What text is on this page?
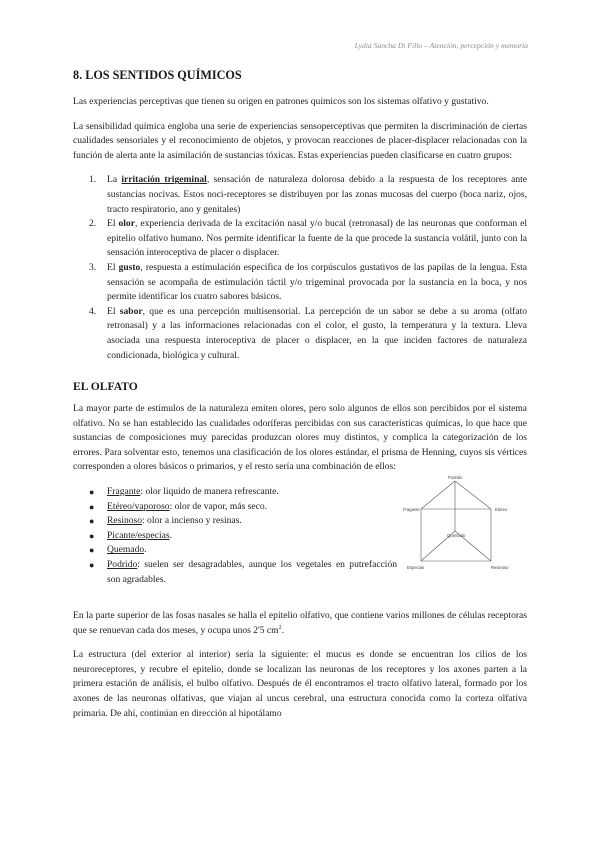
Lydia Sancha Di Fillo – Atención, percepción y memoria
8. LOS SENTIDOS QUÍMICOS

Las experiencias perceptivas que tienen su origen en patrones químicos son los sistemas olfativo y gustativo.

La sensibilidad química engloba una serie de experiencias sensoperceptivas que permiten la discriminación de ciertas cualidades sensoriales y el reconocimiento de objetos, y provocan reacciones de placer-displacer relacionadas con la función de alerta ante la asimilación de sustancias tóxicas. Estas experiencias pueden clasificarse en cuatro grupos:

1. La irritación trigeminal, sensación de naturaleza dolorosa debido a la respuesta de los receptores ante sustancias nocivas. Estos noci-receptores se distribuyen por las zonas mucosas del cuerpo (boca nariz, ojos, tracto respiratorio, ano y genitales)
2. El olor, experiencia derivada de la excitación nasal y/o bucal (retronasal) de las neuronas que conforman el epitelio olfativo humano. Nos permite identificar la fuente de la que procede la sustancia volátil, junto con la sensación interoceptiva de placer o displacer.
3. El gusto, respuesta a estimulación específica de los corpúsculos gustativos de las papilas de la lengua. Esta sensación se acompaña de estimulación táctil y/o trigeminal provocada por la sustancia en la boca, y nos permite identificar los cuatro sabores básicos.
4. El sabor, que es una percepción multisensorial. La percepción de un sabor se debe a su aroma (olfato retronasal) y a las informaciones relacionadas con el color, el gusto, la temperatura y la textura. Lleva asociada una respuesta interoceptiva de placer o displacer, en la que inciden factores de naturaleza condicionada, biológica y cultural.
EL OLFATO

La mayor parte de estímulos de la naturaleza emiten olores, pero solo algunos de ellos son percibidos por el sistema olfativo. No se han establecido las cualidades odoríferas percibidas con sus características químicas, lo que hace que sustancias de composiciones muy parecidas produzcan olores muy distintos, y complica la categorización de los errores. Para solventar esto, tenemos una clasificación de los olores estándar, el prisma de Henning, cuyos sis vértices corresponden a olores básicos o primarios, y el resto sería una combinación de ellos:

● Fragante: olor líquido de manera refrescante.
● Etéreo/vaporoso: olor de vapor, más seco.
● Resinoso: olor a incienso y resinas.
● Picante/especias.
● Quemado.
● Podrido: suelen ser desagradables, aunque los vegetales en putrefacción son agradables.
Podrido
Fragante	Etéreo
Quemado
Especias	Resinoso

En la parte superior de las fosas nasales se halla el epitelio olfativo, que contiene varios millones de células receptoras que se renuevan cada dos meses, y ocupa unos 2'5 $cm^2$.

La estructura (del exterior al interior) sería la siguiente: el mucus es donde se encuentran los cilios de los neuroreceptores, y recubre el epitelio, donde se localizan las neuronas de los receptores y los axones parten a la primera estación de análisis, el bulbo olfativo. Después de él encontramos el tracto olfativo lateral, formado por los axones de las neuronas olfativas, que viajan al uncus cerebral, una estructura conocida como la corteza olfativa primaria. De ahí, continúan en dirección al hipotálamo
